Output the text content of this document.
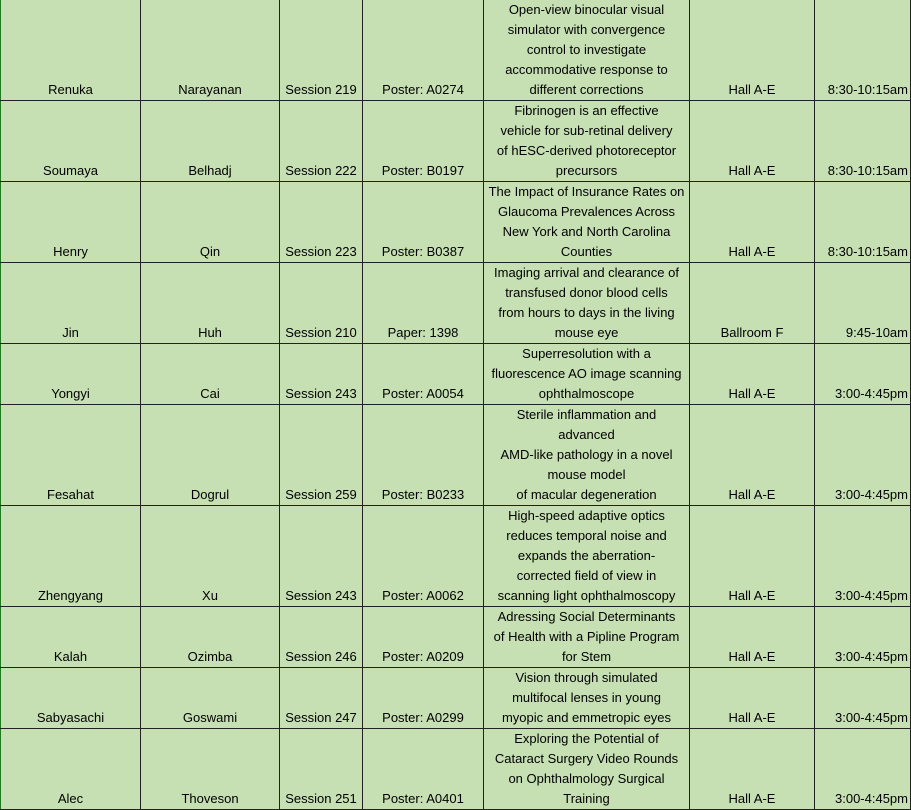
Renuka	Narayanan	Session 219	Poster: A0274	Open-view binocular visual
simulator with convergence
control to investigate
accommodative response to
different corrections	Hall A-E	8:30-10:15am
Soumaya	Belhadj	Session 222	Poster: B0197	Fibrinogen is an effective
vehicle for sub-retinal delivery
of hESC-derived photoreceptor
precursors	Hall A-E	8:30-10:15am
Henry	Qin	Session 223	Poster: B0387	The Impact of Insurance Rates on
Glaucoma Prevalences Across
New York and North Carolina
Counties	Hall A-E	8:30-10:15am
Jin	Huh	Session 210	Paper: 1398	Imaging arrival and clearance of
transfused donor blood cells
from hours to days in the living
mouse eye	Ballroom F	9:45-10am
Yongyi	Cai	Session 243	Poster: A0054	Superresolution with a
fluorescence AO image scanning
ophthalmoscope	Hall A-E	3:00-4:45pm
Fesahat	Dogrul	Session 259	Poster: B0233	Sterile inflammation and
advanced
AMD-like pathology in a novel
mouse model
of macular degeneration	Hall A-E	3:00-4:45pm
Zhengyang	Xu	Session 243	Poster: A0062	High-speed adaptive optics
reduces temporal noise and
expands the aberration-
corrected field of view in
scanning light ophthalmoscopy	Hall A-E	3:00-4:45pm
Kalah	Ozimba	Session 246	Poster: A0209	Adressing Social Determinants
of Health with a Pipline Program
for Stem	Hall A-E	3:00-4:45pm
Sabyasachi	Goswami	Session 247	Poster: A0299	Vision through simulated
multifocal lenses in young
myopic and emmetropic eyes	Hall A-E	3:00-4:45pm
Alec	Thoveson	Session 251	Poster: A0401	Exploring the Potential of
Cataract Surgery Video Rounds
on Ophthalmology Surgical
Training	Hall A-E	3:00-4:45pm
